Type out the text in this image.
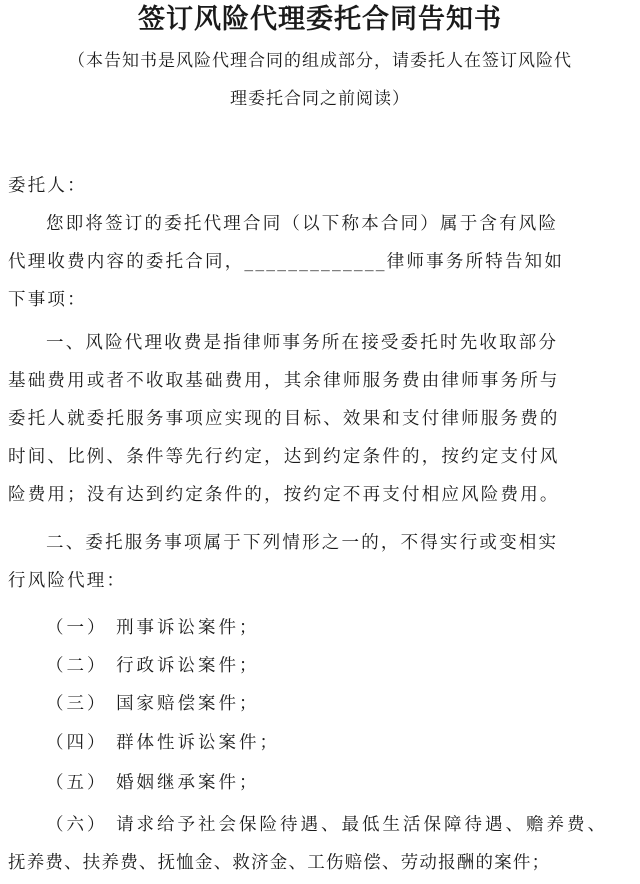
签订风险代理委托合同告知书
（本告知书是风险代理合同的组成部分，请委托人在签订风险代
理委托合同之前阅读）
委托人：
您即将签订的委托代理合同（以下称本合同）属于含有风险
代理收费内容的委托合同，_____________律师事务所特告知如
下事项：
一、风险代理收费是指律师事务所在接受委托时先收取部分
基础费用或者不收取基础费用，其余律师服务费由律师事务所与
委托人就委托服务事项应实现的目标、效果和支付律师服务费的
时间、比例、条件等先行约定，达到约定条件的，按约定支付风
险费用；没有达到约定条件的，按约定不再支付相应风险费用。
二、委托服务事项属于下列情形之一的，不得实行或变相实
行风险代理：
（一） 刑事诉讼案件；
（二） 行政诉讼案件；
（三） 国家赔偿案件；
（四） 群体性诉讼案件；
（五） 婚姻继承案件；
（六） 请求给予社会保险待遇、最低生活保障待遇、赡养费、
抚养费、扶养费、抚恤金、救济金、工伤赔偿、劳动报酬的案件；
